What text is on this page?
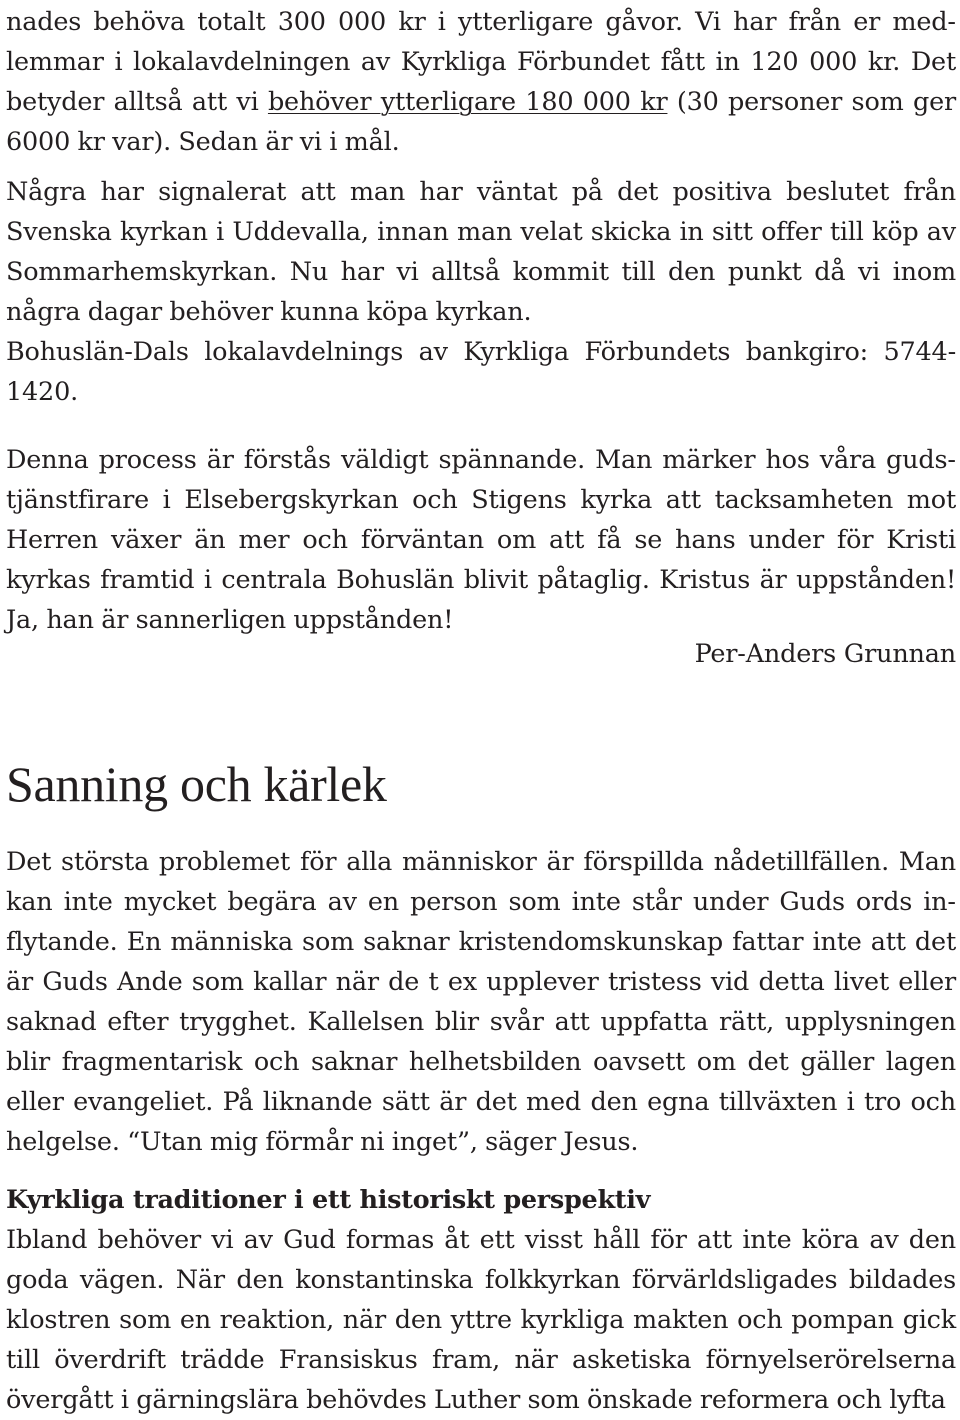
nades behöva totalt 300 000 kr i ytterligare gåvor. Vi har från er medlemmar i lokalavdelningen av Kyrkliga Förbundet fått in 120 000 kr. Det betyder alltså att vi behöver ytterligare 180 000 kr (30 personer som ger 6000 kr var). Sedan är vi i mål.

Några har signalerat att man har väntat på det positiva beslutet från Svenska kyrkan i Uddevalla, innan man velat skicka in sitt offer till köp av Sommarhemskyrkan. Nu har vi alltså kommit till den punkt då vi inom några dagar behöver kunna köpa kyrkan.

Bohuslän-Dals lokalavdelnings av Kyrkliga Förbundets bankgiro: 5744-1420.

Denna process är förstås väldigt spännande. Man märker hos våra gudstjänstfirare i Elsebergskyrkan och Stigens kyrka att tacksamheten mot Herren växer än mer och förväntan om att få se hans under för Kristi kyrkas framtid i centrala Bohuslän blivit påtaglig. Kristus är uppstånden! Ja, han är sannerligen uppstånden!

Per-Anders Grunnan
Sanning och kärlek

Det största problemet för alla människor är förspillda nådetillfällen. Man kan inte mycket begära av en person som inte står under Guds ords inflytande. En människa som saknar kristendomskunskap fattar inte att det är Guds Ande som kallar när de t ex upplever tristess vid detta livet eller saknad efter trygghet. Kallelsen blir svår att uppfatta rätt, upplysningen blir fragmentarisk och saknar helhetsbilden oavsett om det gäller lagen eller evangeliet. På liknande sätt är det med den egna tillväxten i tro och helgelse. “Utan mig förmår ni inget”, säger Jesus.

Kyrkliga traditioner i ett historiskt perspektiv

Ibland behöver vi av Gud formas åt ett visst håll för att inte köra av den goda vägen. När den konstantinska folkkyrkan förvärldsligades bildades klostren som en reaktion, när den yttre kyrkliga makten och pompan gick till överdrift trädde Fransiskus fram, när asketiska förnyelserörelserna övergått i gärningslära behövdes Luther som önskade reformera och lyfta
